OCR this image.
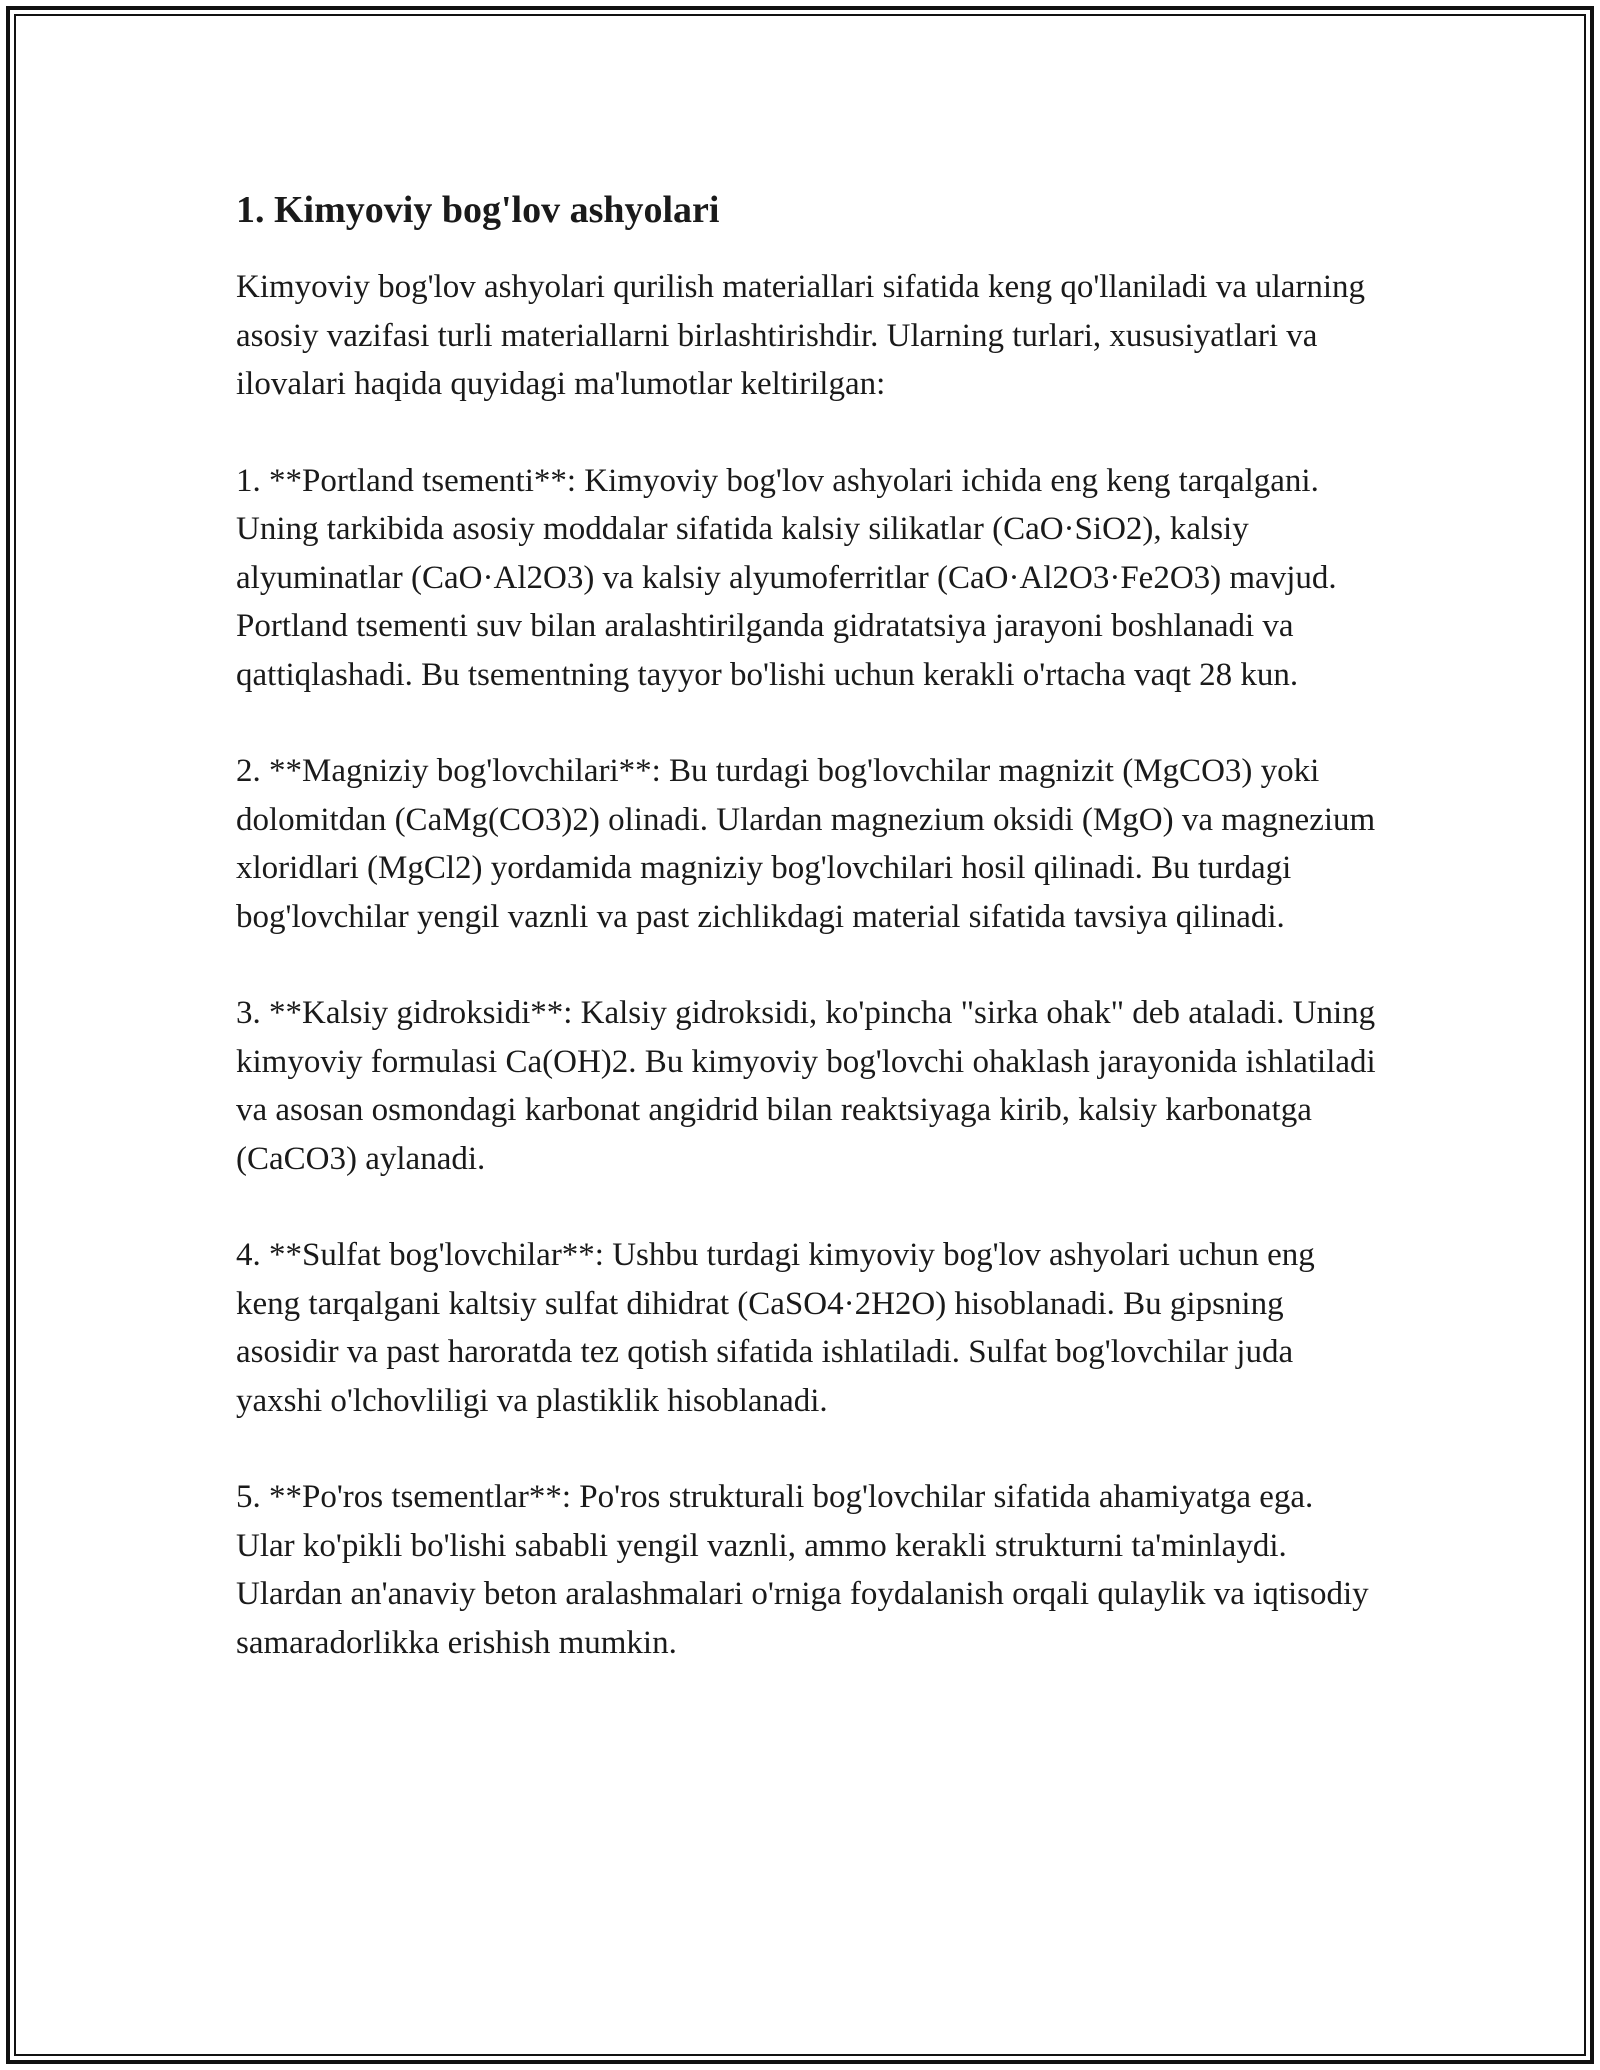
1. Kimyoviy bog'lov ashyolari

Kimyoviy bog'lov ashyolari qurilish materiallari sifatida keng qo'llaniladi va ularning asosiy vazifasi turli materiallarni birlashtirishdir. Ularning turlari, xususiyatlari va ilovalari haqida quyidagi ma'lumotlar keltirilgan:

1. **Portland tsementi**: Kimyoviy bog'lov ashyolari ichida eng keng tarqalgani. Uning tarkibida asosiy moddalar sifatida kalsiy silikatlar (CaO·SiO2), kalsiy alyuminatlar (CaO·Al2O3) va kalsiy alyumoferritlar (CaO·Al2O3·Fe2O3) mavjud. Portland tsementi suv bilan aralashtirilganda gidratatsiya jarayoni boshlanadi va qattiqlashadi. Bu tsementning tayyor bo'lishi uchun kerakli o'rtacha vaqt 28 kun.

2. **Magniziy bog'lovchilari**: Bu turdagi bog'lovchilar magnizit (MgCO3) yoki dolomitdan (CaMg(CO3)2) olinadi. Ulardan magnezium oksidi (MgO) va magnezium xloridlari (MgCl2) yordamida magniziy bog'lovchilari hosil qilinadi. Bu turdagi bog'lovchilar yengil vaznli va past zichlikdagi material sifatida tavsiya qilinadi.

3. **Kalsiy gidroksidi**: Kalsiy gidroksidi, ko'pincha "sirka ohak" deb ataladi. Uning kimyoviy formulasi Ca(OH)2. Bu kimyoviy bog'lovchi ohaklash jarayonida ishlatiladi va asosan osmondagi karbonat angidrid bilan reaktsiyaga kirib, kalsiy karbonatga (CaCO3) aylanadi.

4. **Sulfat bog'lovchilar**: Ushbu turdagi kimyoviy bog'lov ashyolari uchun eng keng tarqalgani kaltsiy sulfat dihidrat (CaSO4·2H2O) hisoblanadi. Bu gipsning asosidir va past haroratda tez qotish sifatida ishlatiladi. Sulfat bog'lovchilar juda yaxshi o'lchovliligi va plastiklik hisoblanadi.

5. **Po'ros tsementlar**: Po'ros strukturali bog'lovchilar sifatida ahamiyatga ega. Ular ko'pikli bo'lishi sababli yengil vaznli, ammo kerakli strukturni ta'minlaydi. Ulardan an'anaviy beton aralashmalari o'rniga foydalanish orqali qulaylik va iqtisodiy samaradorlikka erishish mumkin.
